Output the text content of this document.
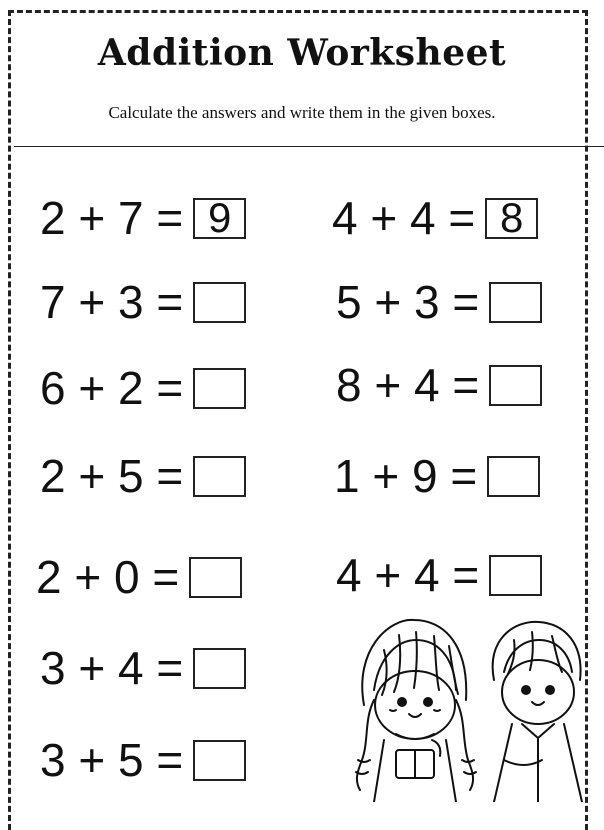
Addition Worksheet
Calculate the answers and write them in the given boxes.
2 + 7 = 9
7 + 3 =
6 + 2 =
2 + 5 =
2 + 0 =
3 + 4 =
3 + 5 =
4 + 4 = 8
5 + 3 =
8 + 4 =
1 + 9 =
4 + 4 =
